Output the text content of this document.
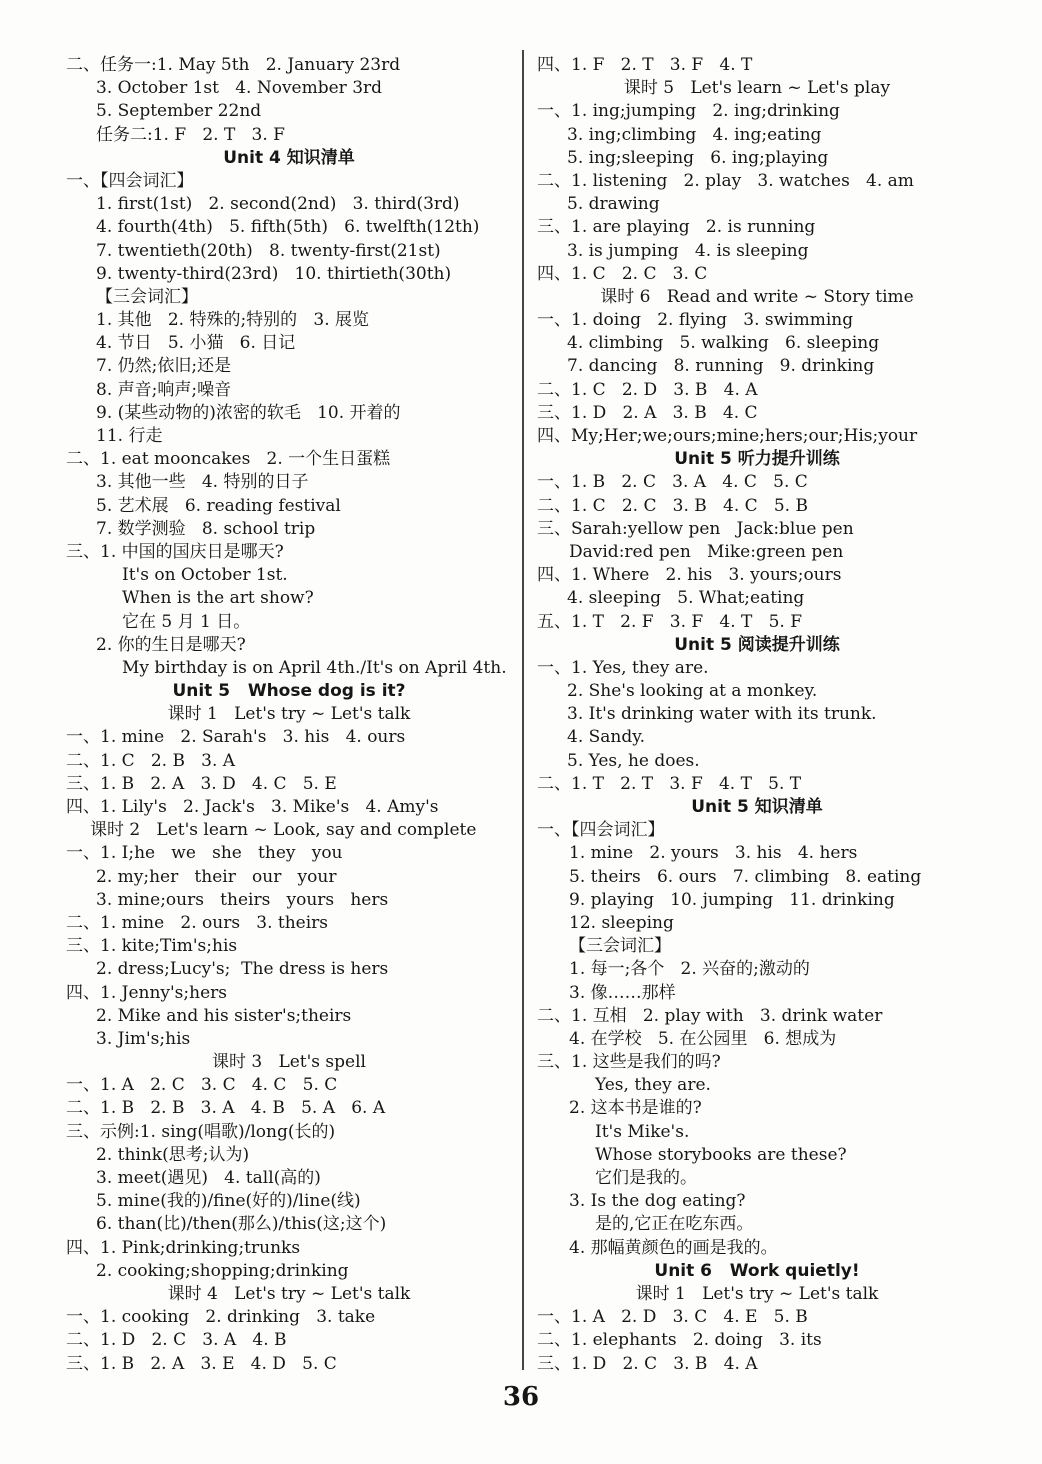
二、任务一:1. May 5th   2. January 23rd
3. October 1st   4. November 3rd
5. September 22nd
任务二:1. F   2. T   3. F
Unit 4 知识清单
一、【四会词汇】
1. first(1st)   2. second(2nd)   3. third(3rd)
4. fourth(4th)   5. fifth(5th)   6. twelfth(12th)
7. twentieth(20th)   8. twenty-first(21st)
9. twenty-third(23rd)   10. thirtieth(30th)
【三会词汇】
1. 其他   2. 特殊的;特别的   3. 展览
4. 节日   5. 小猫   6. 日记
7. 仍然;依旧;还是
8. 声音;响声;噪音
9. (某些动物的)浓密的软毛   10. 开着的
11. 行走
二、1. eat mooncakes   2. 一个生日蛋糕
3. 其他一些   4. 特别的日子
5. 艺术展   6. reading festival
7. 数学测验   8. school trip
三、1. 中国的国庆日是哪天?
It's on October 1st.
When is the art show?
它在 5 月 1 日。
2. 你的生日是哪天?
My birthday is on April 4th./It's on April 4th.
Unit 5   Whose dog is it?
课时 1   Let's try ~ Let's talk
一、1. mine   2. Sarah's   3. his   4. ours
二、1. C   2. B   3. A
三、1. B   2. A   3. D   4. C   5. E
四、1. Lily's   2. Jack's   3. Mike's   4. Amy's
课时 2   Let's learn ~ Look, say and complete
一、1. I;he   we   she   they   you
2. my;her   their   our   your
3. mine;ours   theirs   yours   hers
二、1. mine   2. ours   3. theirs
三、1. kite;Tim's;his
2. dress;Lucy's;  The dress is hers
四、1. Jenny's;hers
2. Mike and his sister's;theirs
3. Jim's;his
课时 3   Let's spell
一、1. A   2. C   3. C   4. C   5. C
二、1. B   2. B   3. A   4. B   5. A   6. A
三、示例:1. sing(唱歌)/long(长的)
2. think(思考;认为)
3. meet(遇见)   4. tall(高的)
5. mine(我的)/fine(好的)/line(线)
6. than(比)/then(那么)/this(这;这个)
四、1. Pink;drinking;trunks
2. cooking;shopping;drinking
课时 4   Let's try ~ Let's talk
一、1. cooking   2. drinking   3. take
二、1. D   2. C   3. A   4. B
三、1. B   2. A   3. E   4. D   5. C
四、1. F   2. T   3. F   4. T
课时 5   Let's learn ~ Let's play
一、1. ing;jumping   2. ing;drinking
3. ing;climbing   4. ing;eating
5. ing;sleeping   6. ing;playing
二、1. listening   2. play   3. watches   4. am
5. drawing
三、1. are playing   2. is running
3. is jumping   4. is sleeping
四、1. C   2. C   3. C
课时 6   Read and write ~ Story time
一、1. doing   2. flying   3. swimming
4. climbing   5. walking   6. sleeping
7. dancing   8. running   9. drinking
二、1. C   2. D   3. B   4. A
三、1. D   2. A   3. B   4. C
四、My;Her;we;ours;mine;hers;our;His;your
Unit 5 听力提升训练
一、1. B   2. C   3. A   4. C   5. C
二、1. C   2. C   3. B   4. C   5. B
三、Sarah:yellow pen   Jack:blue pen
David:red pen   Mike:green pen
四、1. Where   2. his   3. yours;ours
4. sleeping   5. What;eating
五、1. T   2. F   3. F   4. T   5. F
Unit 5 阅读提升训练
一、1. Yes, they are.
2. She's looking at a monkey.
3. It's drinking water with its trunk.
4. Sandy.
5. Yes, he does.
二、1. T   2. T   3. F   4. T   5. T
Unit 5 知识清单
一、【四会词汇】
1. mine   2. yours   3. his   4. hers
5. theirs   6. ours   7. climbing   8. eating
9. playing   10. jumping   11. drinking
12. sleeping
【三会词汇】
1. 每一;各个   2. 兴奋的;激动的
3. 像……那样
二、1. 互相   2. play with   3. drink water
4. 在学校   5. 在公园里   6. 想成为
三、1. 这些是我们的吗?
Yes, they are.
2. 这本书是谁的?
It's Mike's.
Whose storybooks are these?
它们是我的。
3. Is the dog eating?
是的,它正在吃东西。
4. 那幅黄颜色的画是我的。
Unit 6   Work quietly!
课时 1   Let's try ~ Let's talk
一、1. A   2. D   3. C   4. E   5. B
二、1. elephants   2. doing   3. its
三、1. D   2. C   3. B   4. A
36
